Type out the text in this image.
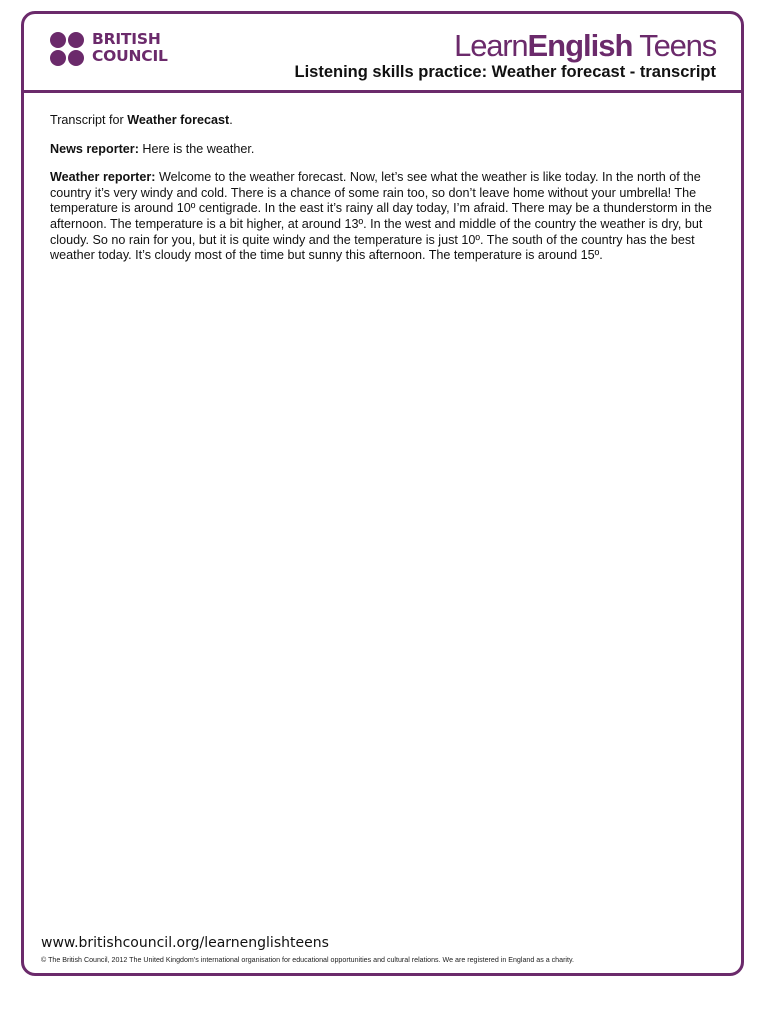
BRITISH
COUNCIL	LearnEnglish Teens
Listening skills practice: Weather forecast - transcript

Transcript for Weather forecast.

News reporter: Here is the weather.

Weather reporter: Welcome to the weather forecast. Now, let’s see what the weather is like today. In the north of the country it’s very windy and cold. There is a chance of some rain too, so don’t leave home without your umbrella! The temperature is around 10º centigrade. In the east it’s rainy all day today, I’m afraid. There may be a thunderstorm in the afternoon. The temperature is a bit higher, at around 13º. In the west and middle of the country the weather is dry, but cloudy. So no rain for you, but it is quite windy and the temperature is just 10º. The south of the country has the best weather today. It’s cloudy most of the time but sunny this afternoon. The temperature is around 15º.

www.britishcouncil.org/learnenglishteens
© The British Council, 2012 The United Kingdom’s international organisation for educational opportunities and cultural relations. We are registered in England as a charity.
